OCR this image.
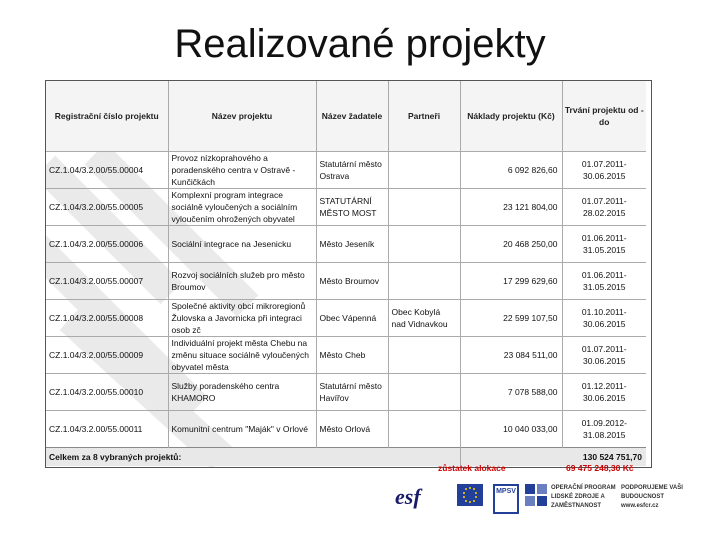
Realizované projekty
Registrační číslo projektu	Název projektu	Název žadatele	Partneři	Náklady projektu (Kč)	Trvání projektu od - do
CZ.1.04/3.2.00/55.00004	Provoz nízkoprahového a poradenského centra v Ostravě - Kunčičkách	Statutární město Ostrava		6 092 826,60	01.07.2011-30.06.2015
CZ.1.04/3.2.00/55.00005	Komplexní program integrace sociálně vyloučených a sociálním vyloučením ohrožených obyvatel	STATUTÁRNÍ MĚSTO MOST		23 121 804,00	01.07.2011-28.02.2015
CZ.1.04/3.2.00/55.00006	Sociální integrace na Jesenicku	Město Jeseník		20 468 250,00	01.06.2011-31.05.2015
CZ.1.04/3.2.00/55.00007	Rozvoj sociálních služeb pro město Broumov	Město Broumov		17 299 629,60	01.06.2011-31.05.2015
CZ.1.04/3.2.00/55.00008	Společné aktivity obcí mikroregionů Žulovska a Javornicka při integraci osob zč	Obec Vápenná	Obec Kobylá nad Vidnavkou	22 599 107,50	01.10.2011-30.06.2015
CZ.1.04/3.2.00/55.00009	Individuální projekt města Chebu na změnu situace sociálně vyloučených obyvatel města	Město Cheb		23 084 511,00	01.07.2011-30.06.2015
CZ.1.04/3.2.00/55.00010	Služby poradenského centra KHAMORO	Statutární město Havířov		7 078 588,00	01.12.2011-30.06.2015
CZ.1.04/3.2.00/55.00011	Komunitní centrum "Maják" v Orlové	Město Orlová		10 040 033,00	01.09.2012-31.08.2015
Celkem za 8 vybraných projektů:				130 524 751,70	
zůstatek alokace	69 475 248,30 Kč
esf	MPSV	OPERAČNÍ PROGRAM LIDSKÉ ZDROJE A ZAMĚSTNANOST
PODPORUJEME VAŠI BUDOUCNOST www.esfcr.cz
